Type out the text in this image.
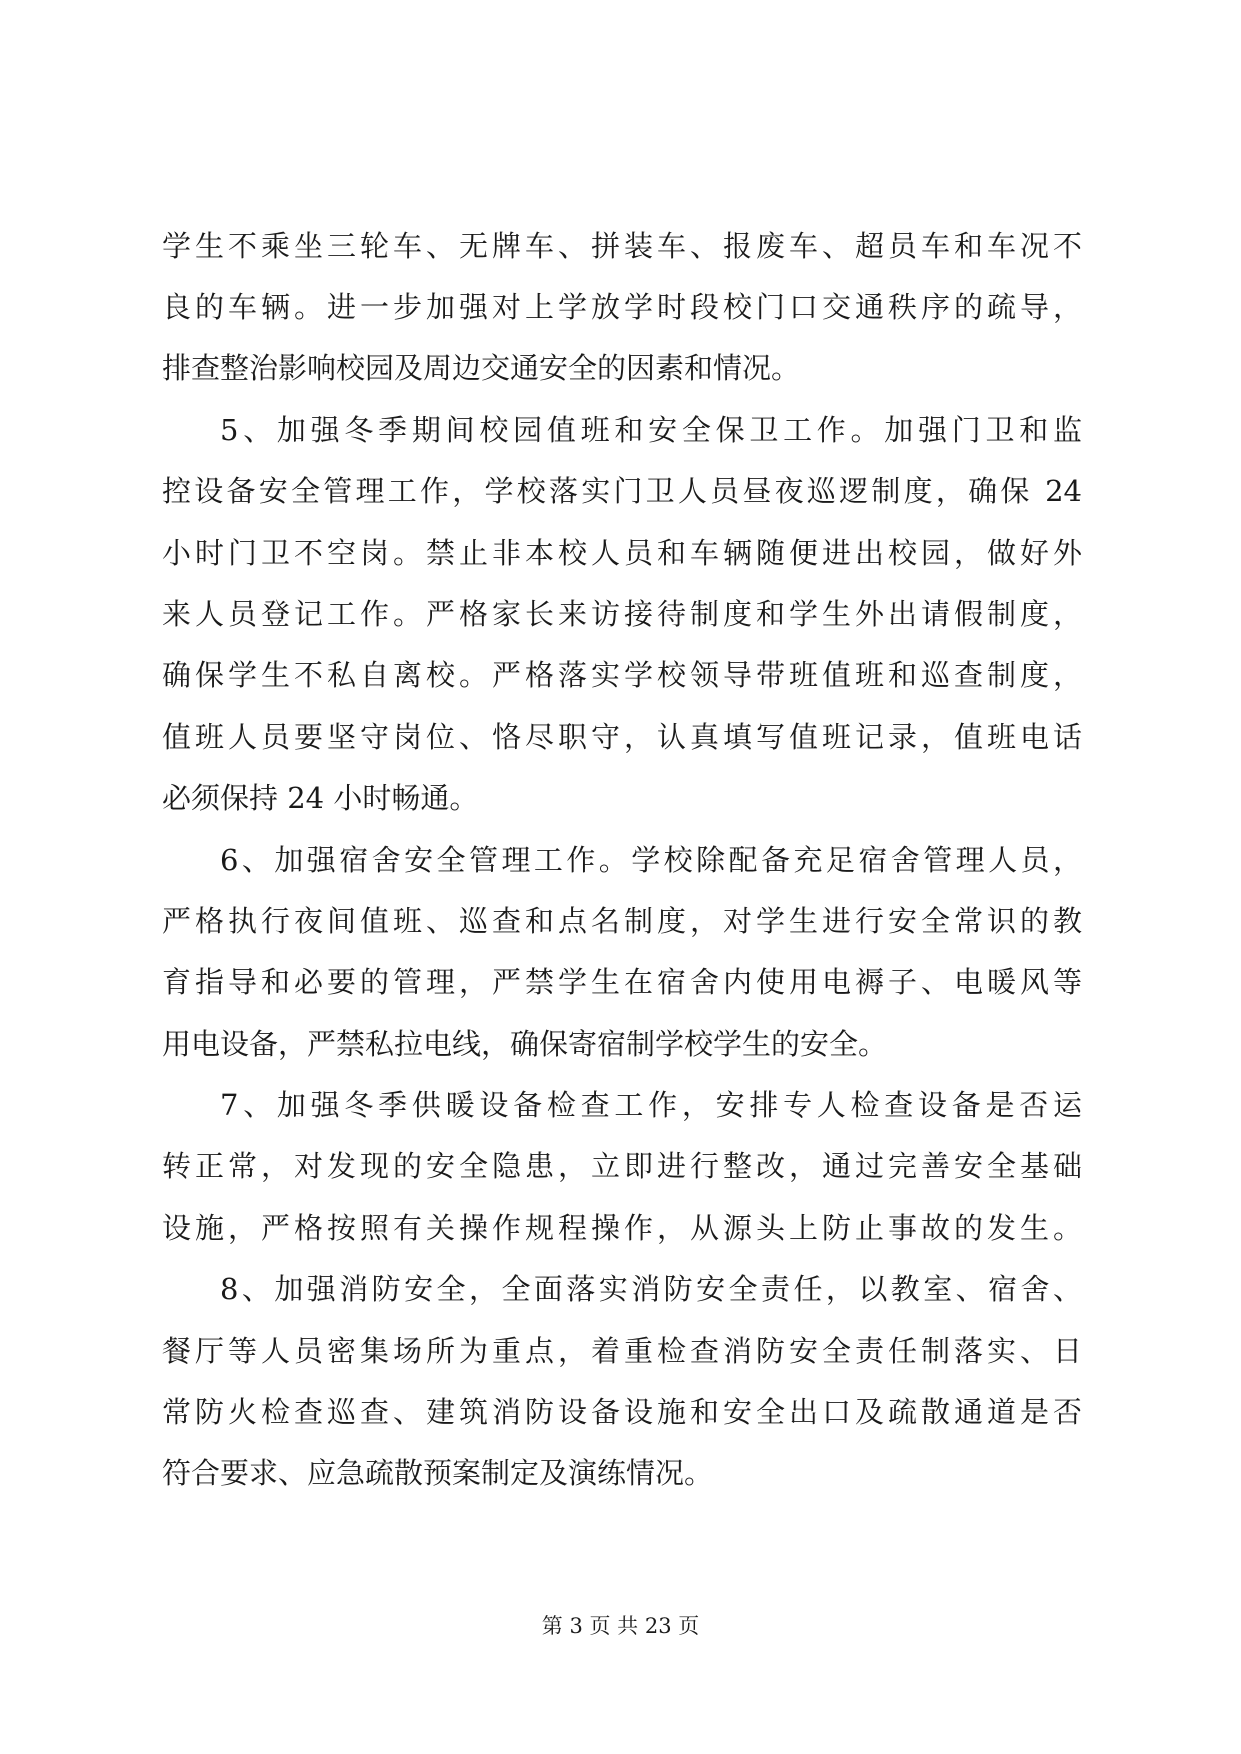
学生不乘坐三轮车、无牌车、拼装车、报废车、超员车和车况不
良的车辆。进一步加强对上学放学时段校门口交通秩序的疏导，
排查整治影响校园及周边交通安全的因素和情况。
5、加强冬季期间校园值班和安全保卫工作。加强门卫和监
控设备安全管理工作，学校落实门卫人员昼夜巡逻制度，确保 24
小时门卫不空岗。禁止非本校人员和车辆随便进出校园，做好外
来人员登记工作。严格家长来访接待制度和学生外出请假制度，
确保学生不私自离校。严格落实学校领导带班值班和巡查制度，
值班人员要坚守岗位、恪尽职守，认真填写值班记录，值班电话
必须保持 24 小时畅通。
6、加强宿舍安全管理工作。学校除配备充足宿舍管理人员，
严格执行夜间值班、巡查和点名制度，对学生进行安全常识的教
育指导和必要的管理，严禁学生在宿舍内使用电褥子、电暖风等
用电设备，严禁私拉电线，确保寄宿制学校学生的安全。
7、加强冬季供暖设备检查工作，安排专人检查设备是否运
转正常，对发现的安全隐患，立即进行整改，通过完善安全基础
设施，严格按照有关操作规程操作，从源头上防止事故的发生。
8、加强消防安全，全面落实消防安全责任，以教室、宿舍、
餐厅等人员密集场所为重点，着重检查消防安全责任制落实、日
常防火检查巡查、建筑消防设备设施和安全出口及疏散通道是否
符合要求、应急疏散预案制定及演练情况。
第 3 页 共 23 页
